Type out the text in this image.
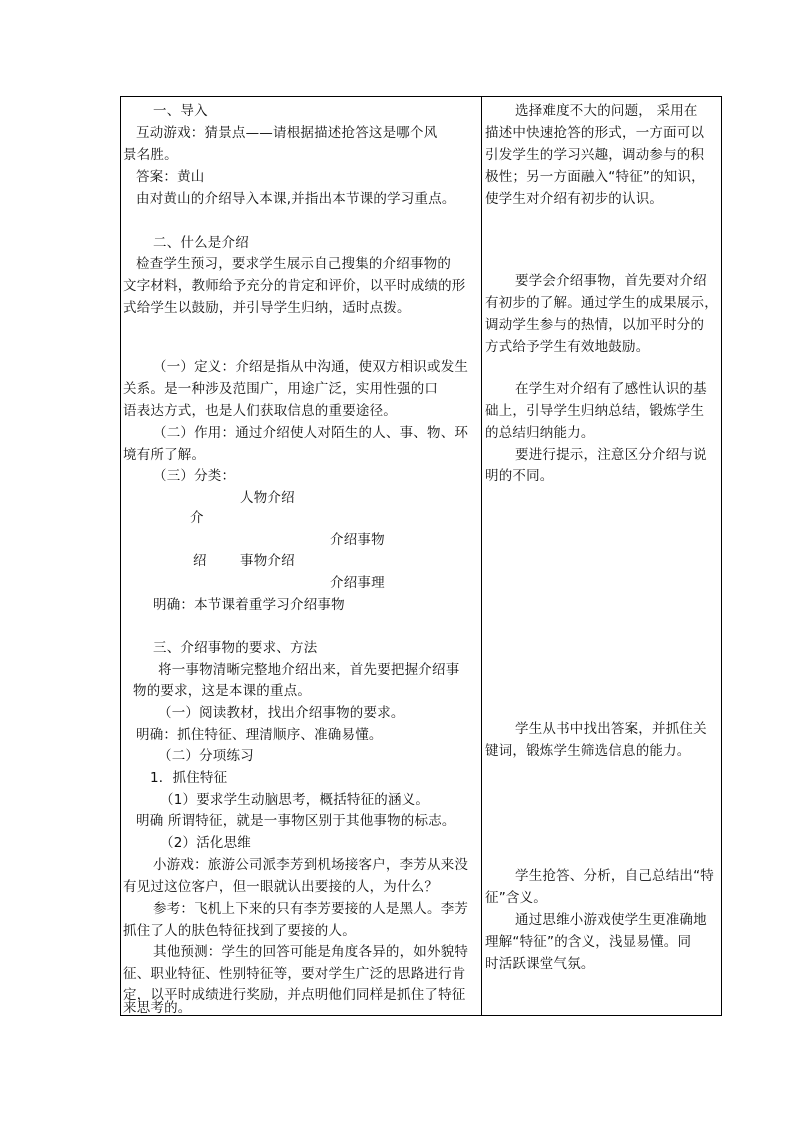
一、导入
互动游戏：猜景点——请根据描述抢答这是哪个风
景名胜。
答案：黄山
由对黄山的介绍导入本课,并指出本节课的学习重点。
二、什么是介绍
检查学生预习，要求学生展示自己搜集的介绍事物的
文字材料，教师给予充分的肯定和评价，以平时成绩的形
式给学生以鼓励，并引导学生归纳，适时点拨。
（一）定义：介绍是指从中沟通，使双方相识或发生
关系。是一种涉及范围广，用途广泛，实用性强的口
语表达方式，也是人们获取信息的重要途径。
（二）作用：通过介绍使人对陌生的人、事、物、环
境有所了解。
（三）分类：
人物介绍
介
介绍事物
绍 事物介绍
介绍事理
明确：本节课着重学习介绍事物
三、介绍事物的要求、方法
将一事物清晰完整地介绍出来，首先要把握介绍事
物的要求，这是本课的重点。
（一）阅读教材，找出介绍事物的要求。
明确：抓住特征、理清顺序、准确易懂。
（二）分项练习
1．抓住特征
（1）要求学生动脑思考，概括特征的涵义。
明确 所谓特征，就是一事物区别于其他事物的标志。
（2）活化思维
小游戏：旅游公司派李芳到机场接客户，李芳从来没
有见过这位客户，但一眼就认出要接的人，为什么？
参考：飞机上下来的只有李芳要接的人是黑人。李芳
抓住了人的肤色特征找到了要接的人。
其他预测：学生的回答可能是角度各异的，如外貌特
征、职业特征、性别特征等，要对学生广泛的思路进行肯
定，以平时成绩进行奖励，并点明他们同样是抓住了特征
来思考的。
选择难度不大的问题， 采用在
描述中快速抢答的形式，一方面可以
引发学生的学习兴趣，调动参与的积
极性；另一方面融入“特征”的知识，
使学生对介绍有初步的认识。
要学会介绍事物，首先要对介绍
有初步的了解。通过学生的成果展示，
调动学生参与的热情，以加平时分的
方式给予学生有效地鼓励。
在学生对介绍有了感性认识的基
础上，引导学生归纳总结，锻炼学生
的总结归纳能力。
要进行提示，注意区分介绍与说
明的不同。
学生从书中找出答案，并抓住关
键词，锻炼学生筛选信息的能力。
学生抢答、分析，自己总结出“特
征”含义。
通过思维小游戏使学生更准确地
理解“特征”的含义，浅显易懂。同
时活跃课堂气氛。
